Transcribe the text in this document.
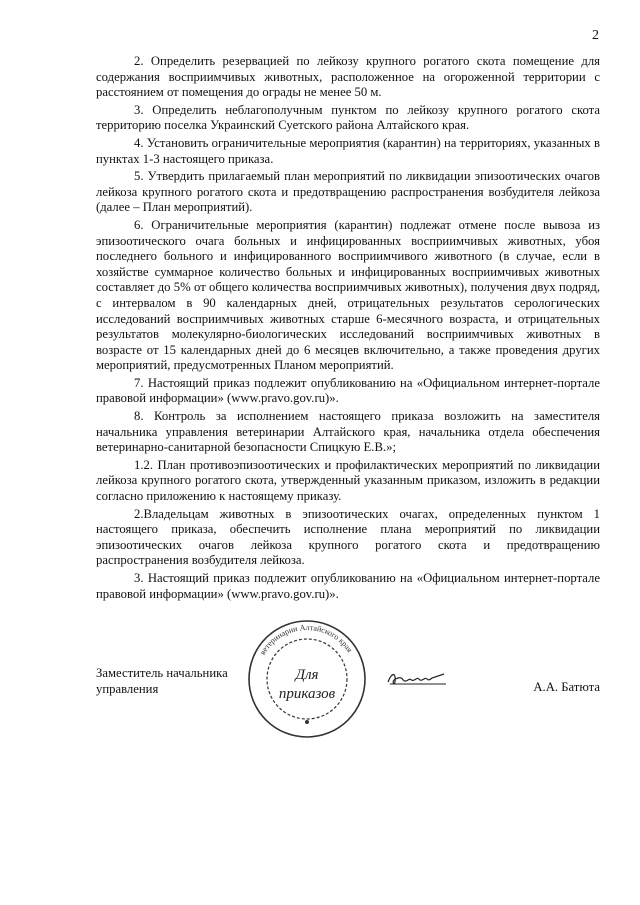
2

2. Определить резервацией по лейкозу крупного рогатого скота помещение для содержания восприимчивых животных, расположенное на огороженной территории с расстоянием от помещения до ограды не менее 50 м.

3. Определить неблагополучным пунктом по лейкозу крупного рогатого скота территорию поселка Украинский Суетского района Алтайского края.

4. Установить ограничительные мероприятия (карантин) на территориях, указанных в пунктах 1-3 настоящего приказа.

5. Утвердить прилагаемый план мероприятий по ликвидации эпизоотических очагов лейкоза крупного рогатого скота и предотвращению распространения возбудителя лейкоза (далее – План мероприятий).

6. Ограничительные мероприятия (карантин) подлежат отмене после вывоза из эпизоотического очага больных и инфицированных восприимчивых животных, убоя последнего больного и инфицированного восприимчивого животного (в случае, если в хозяйстве суммарное количество больных и инфицированных восприимчивых животных составляет до 5% от общего количества восприимчивых животных), получения двух подряд, с интервалом в 90 календарных дней, отрицательных результатов серологических исследований восприимчивых животных старше 6-месячного возраста, и отрицательных результатов молекулярно-биологических исследований восприимчивых животных в возрасте от 15 календарных дней до 6 месяцев включительно, а также проведения других мероприятий, предусмотренных Планом мероприятий.

7. Настоящий приказ подлежит опубликованию на «Официальном интернет-портале правовой информации» (www.pravo.gov.ru)».

8. Контроль за исполнением настоящего приказа возложить на заместителя начальника управления ветеринарии Алтайского края, начальника отдела обеспечения ветеринарно-санитарной безопасности Спицкую Е.В.»;

1.2. План противоэпизоотических и профилактических мероприятий по ликвидации лейкоза крупного рогатого скота, утвержденный указанным приказом, изложить в редакции согласно приложению к настоящему приказу.

2.Владельцам животных в эпизоотических очагах, определенных пунктом 1 настоящего приказа, обеспечить исполнение плана мероприятий по ликвидации эпизоотических очагов лейкоза крупного рогатого скота и предотвращению распространения возбудителя лейкоза.

3. Настоящий приказ подлежит опубликованию на «Официальном интернет-портале правовой информации» (www.pravo.gov.ru)».

Заместитель начальника управления
ветеринарии Алтайского края
Для приказов	А.А. Батюта
